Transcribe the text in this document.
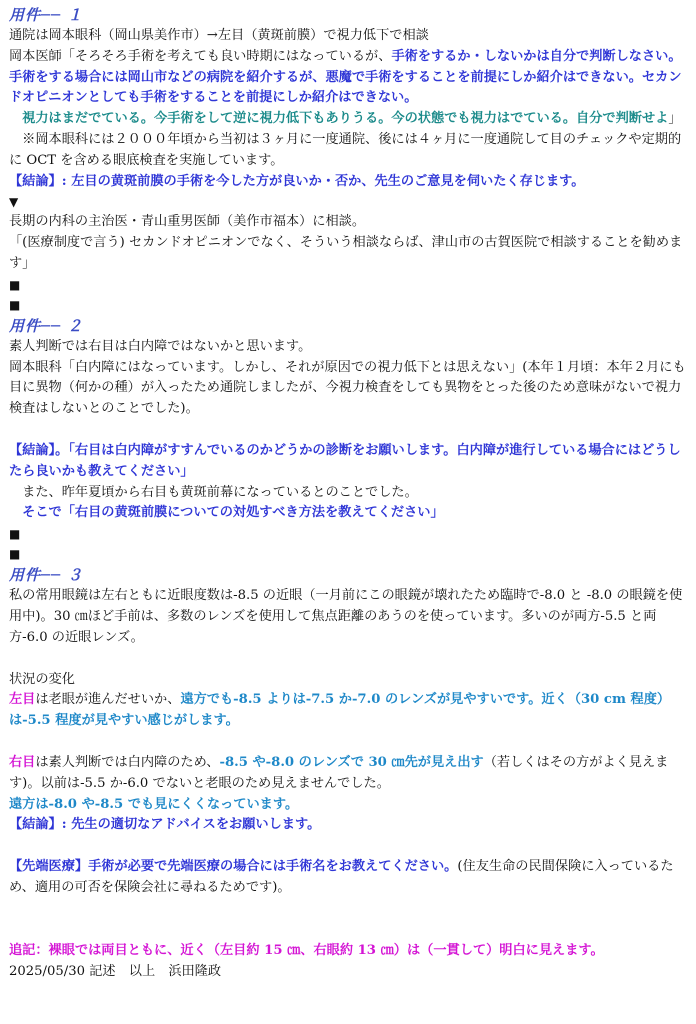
用件── １

通院は岡本眼科（岡山県美作市）→左目（黄斑前膜）で視力低下で相談

岡本医師「そろそろ手術を考えても良い時期にはなっているが、手術をするか・しないかは自分で判断しなさい。手術をする場合には岡山市などの病院を紹介するが、悪魔で手術をすることを前提にしか紹介はできない。セカンドオピニオンとしても手術をすることを前提にしか紹介はできない。

　視力はまだでている。今手術をして逆に視力低下もありうる。今の状態でも視力はでている。自分で判断せよ」

　※岡本眼科には２０００年頃から当初は３ヶ月に一度通院、後には４ヶ月に一度通院して目のチェックや定期的に OCT を含める眼底検査を実施しています。

【結論】: 左目の黄斑前膜の手術を今した方が良いか・否か、先生のご意見を伺いたく存じます。

▼

長期の内科の主治医・青山重男医師（美作市福本）に相談。

「(医療制度で言う) セカンドオピニオンでなく、そういう相談ならば、津山市の古賀医院で相談することを勧めます」

■

■

用件── ２

素人判断では右目は白内障ではないかと思います。

岡本眼科「白内障にはなっています。しかし、それが原因での視力低下とは思えない」(本年１月頃：本年２月にも目に異物（何かの種）が入ったため通院しましたが、今視力検査をしても異物をとった後のため意味がないで視力検査はしないとのことでした)。

【結論】。「右目は白内障がすすんでいるのかどうかの診断をお願いします。白内障が進行している場合にはどうしたら良いかも教えてください」

　また、昨年夏頃から右目も黄斑前幕になっているとのことでした。

　そこで「右目の黄斑前膜についての対処すべき方法を教えてください」

■

■

用件── ３

私の常用眼鏡は左右ともに近眼度数は-8.5 の近眼（一月前にこの眼鏡が壊れたため臨時で-8.0 と -8.0 の眼鏡を使用中)。30 ㎝ほど手前は、多数のレンズを使用して焦点距離のあうのを使っています。多いのが両方-5.5 と両方-6.0 の近眼レンズ。

状況の変化

左目は老眼が進んだせいか、遠方でも-8.5 よりは-7.5 か-7.0 のレンズが見やすいです。近く（30 cm 程度）は-5.5 程度が見やすい感じがします。

右目は素人判断では白内障のため、-8.5 や-8.0 のレンズで 30 ㎝先が見え出す（若しくはその方がよく見えます)。以前は-5.5 か-6.0 でないと老眼のため見えませんでした。

遠方は-8.0 や-8.5 でも見にくくなっています。

【結論】: 先生の適切なアドバイスをお願いします。

【先端医療】手術が必要で先端医療の場合には手術名をお教えてください。(住友生命の民間保険に入っているため、適用の可否を保険会社に尋ねるためです)。

追記：裸眼では両目ともに、近く（左目約 15 ㎝、右眼約 13 ㎝）は（一貫して）明白に見えます。

2025/05/30 記述　以上　浜田隆政
